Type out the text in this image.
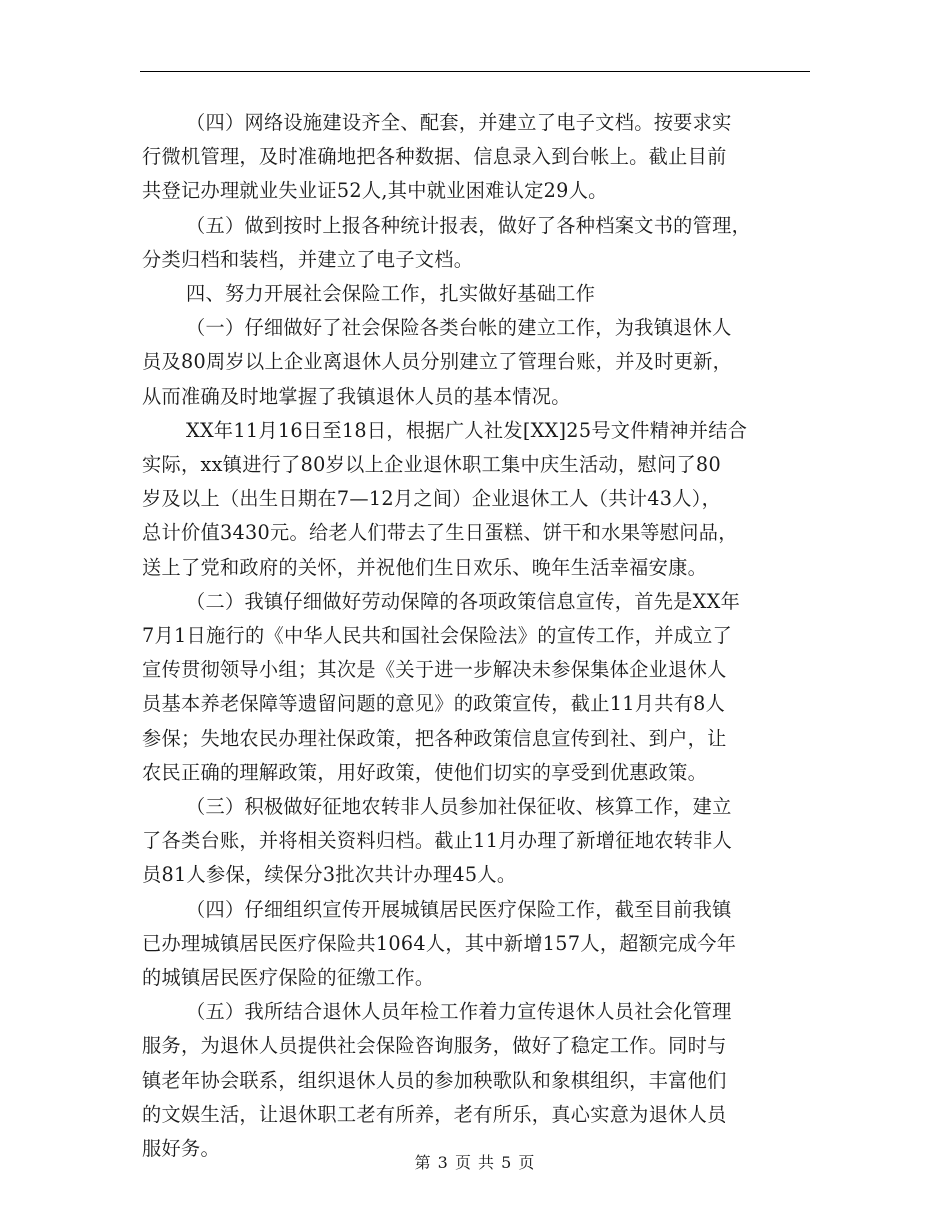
（四）网络设施建设齐全、配套，并建立了电子文档。按要求实
行微机管理，及时准确地把各种数据、信息录入到台帐上。截止目前
共登记办理就业失业证52人,其中就业困难认定29人。

（五）做到按时上报各种统计报表，做好了各种档案文书的管理，
分类归档和装档，并建立了电子文档。

四、努力开展社会保险工作，扎实做好基础工作

（一）仔细做好了社会保险各类台帐的建立工作，为我镇退休人
员及80周岁以上企业离退休人员分别建立了管理台账，并及时更新，
从而准确及时地掌握了我镇退休人员的基本情况。

XX年11月16日至18日，根据广人社发[XX]25号文件精神并结合
实际，xx镇进行了80岁以上企业退休职工集中庆生活动，慰问了80
岁及以上（出生日期在7—12月之间）企业退休工人（共计43人），
总计价值3430元。给老人们带去了生日蛋糕、饼干和水果等慰问品，
送上了党和政府的关怀，并祝他们生日欢乐、晚年生活幸福安康。

（二）我镇仔细做好劳动保障的各项政策信息宣传，首先是XX年
7月1日施行的《中华人民共和国社会保险法》的宣传工作，并成立了
宣传贯彻领导小组；其次是《关于进一步解决未参保集体企业退休人
员基本养老保障等遗留问题的意见》的政策宣传，截止11月共有8人
参保；失地农民办理社保政策，把各种政策信息宣传到社、到户，让
农民正确的理解政策，用好政策，使他们切实的享受到优惠政策。

（三）积极做好征地农转非人员参加社保征收、核算工作，建立
了各类台账，并将相关资料归档。截止11月办理了新增征地农转非人
员81人参保，续保分3批次共计办理45人。

（四）仔细组织宣传开展城镇居民医疗保险工作，截至目前我镇
已办理城镇居民医疗保险共1064人，其中新增157人，超额完成今年
的城镇居民医疗保险的征缴工作。

（五）我所结合退休人员年检工作着力宣传退休人员社会化管理
服务，为退休人员提供社会保险咨询服务，做好了稳定工作。同时与
镇老年协会联系，组织退休人员的参加秧歌队和象棋组织，丰富他们
的文娱生活，让退休职工老有所养，老有所乐，真心实意为退休人员
服好务。

第 3 页 共 5 页
